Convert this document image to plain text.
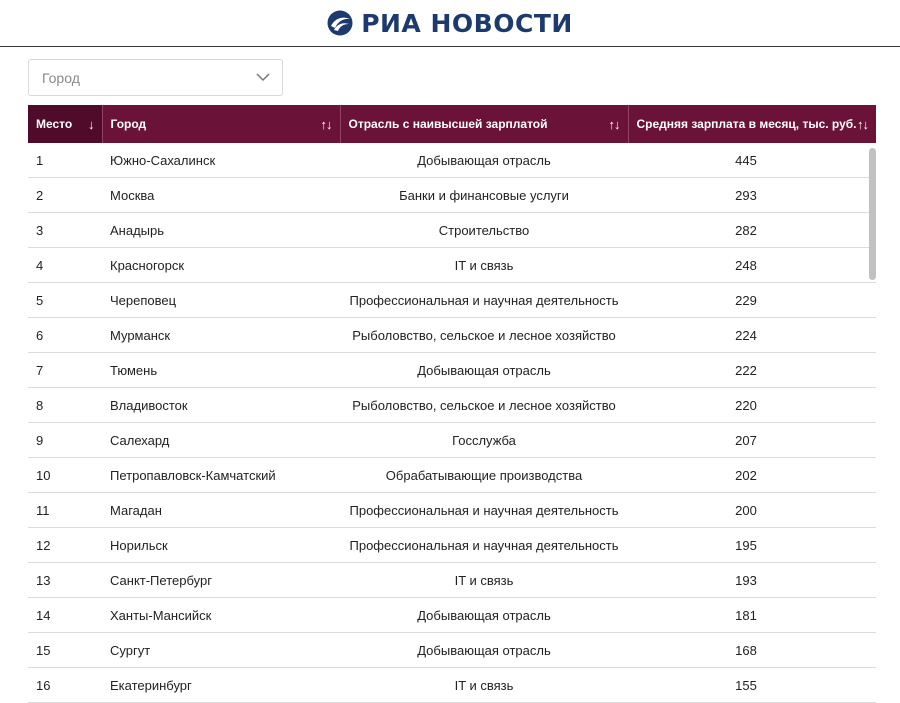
РИА НОВОСТИ
Город
Место ↓	Город ↑↓	Отрасль с наивысшей зарплатой ↑↓	Средняя зарплата в месяц, тыс. руб. ↑↓

1	Южно-Сахалинск	Добывающая отрасль	445
2	Москва	Банки и финансовые услуги	293
3	Анадырь	Строительство	282
4	Красногорск	IT и связь	248
5	Череповец	Профессиональная и научная деятельность	229
6	Мурманск	Рыболовство, сельское и лесное хозяйство	224
7	Тюмень	Добывающая отрасль	222
8	Владивосток	Рыболовство, сельское и лесное хозяйство	220
9	Салехард	Госслужба	207
10	Петропавловск-Камчатский	Обрабатывающие производства	202
11	Магадан	Профессиональная и научная деятельность	200
12	Норильск	Профессиональная и научная деятельность	195
13	Санкт-Петербург	IT и связь	193
14	Ханты-Мансийск	Добывающая отрасль	181
15	Сургут	Добывающая отрасль	168
16	Екатеринбург	IT и связь	155
